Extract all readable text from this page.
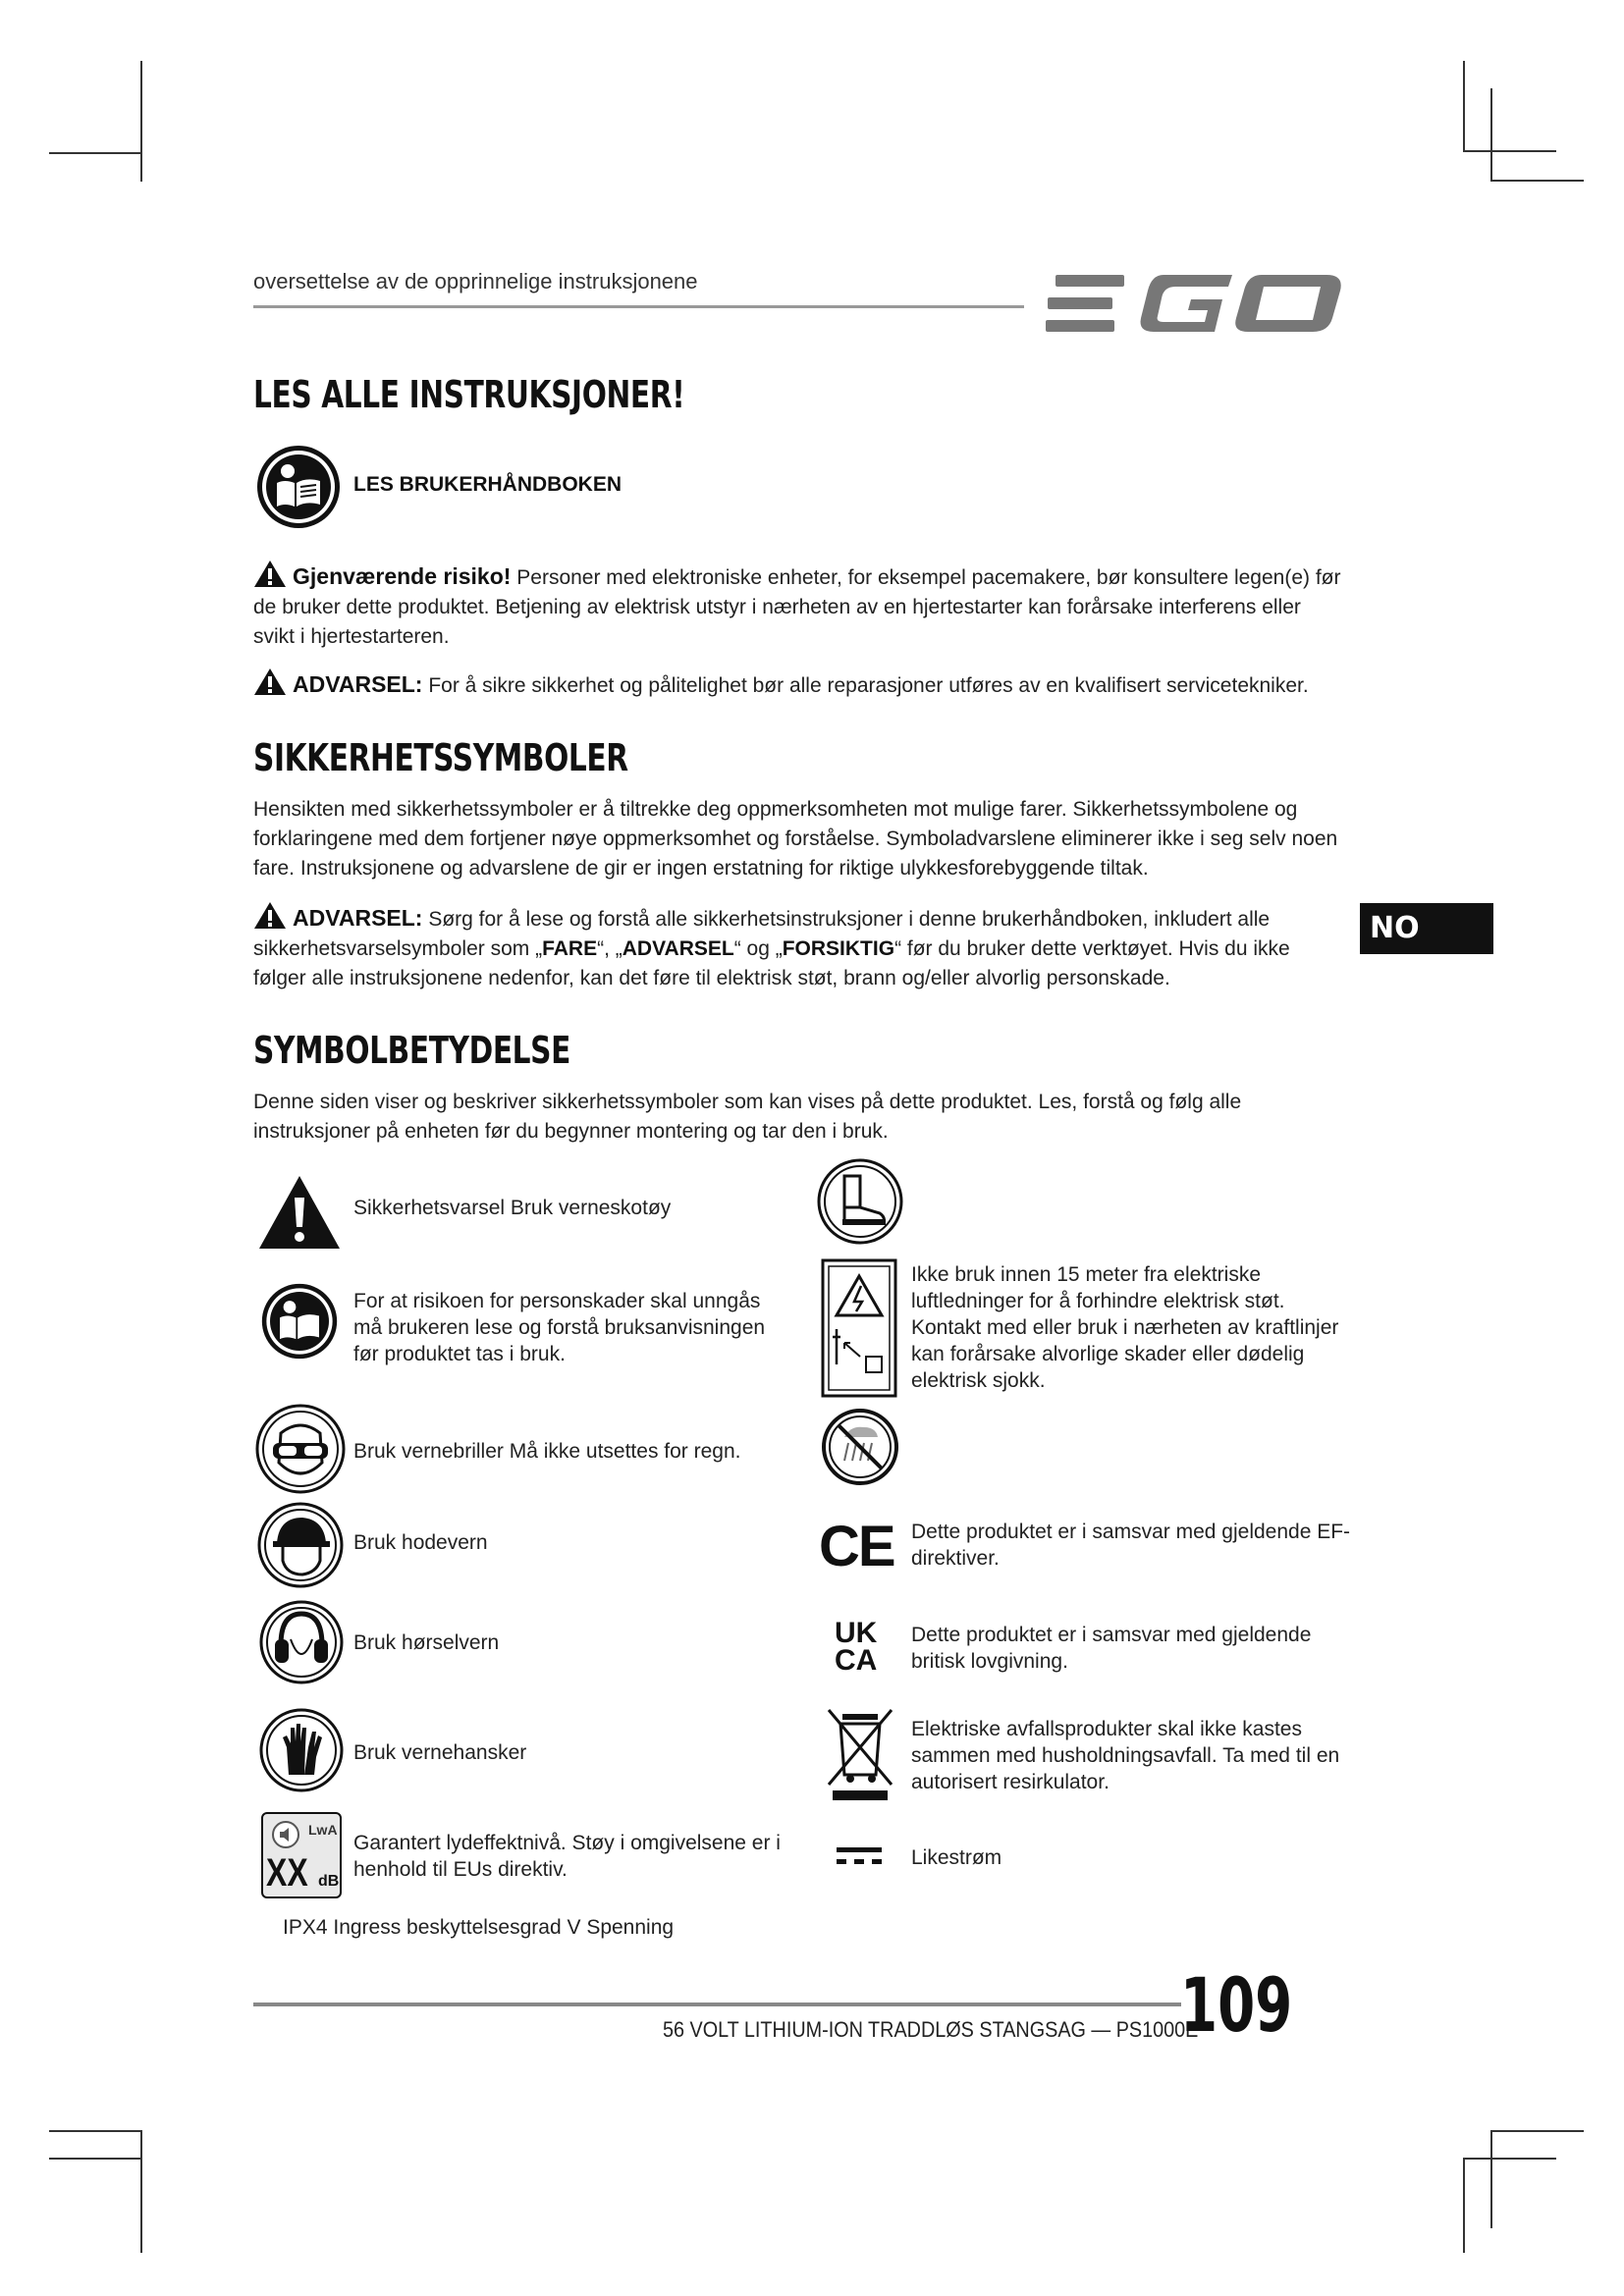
oversettelse av de opprinnelige instruksjonene
LES ALLE INSTRUKSJONER!
LES BRUKERHÅNDBOKEN
Gjenværende risiko! Personer med elektroniske enheter, for eksempel pacemakere, bør konsultere legen(e) før de bruker dette produktet. Betjening av elektrisk utstyr i nærheten av en hjertestarter kan forårsake interferens eller svikt i hjertestarteren.
ADVARSEL: For å sikre sikkerhet og pålitelighet bør alle reparasjoner utføres av en kvalifisert servicetekniker.
SIKKERHETSSYMBOLER
Hensikten med sikkerhetssymboler er å tiltrekke deg oppmerksomheten mot mulige farer. Sikkerhetssymbolene og forklaringene med dem fortjener nøye oppmerksomhet og forståelse. Symboladvarslene eliminerer ikke i seg selv noen fare. Instruksjonene og advarslene de gir er ingen erstatning for riktige ulykkesforebyggende tiltak.
ADVARSEL: Sørg for å lese og forstå alle sikkerhetsinstruksjoner i denne brukerhåndboken, inkludert alle sikkerhetsvarselsymboler som „FARE“, „ADVARSEL“ og „FORSIKTIG“ før du bruker dette verktøyet. Hvis du ikke følger alle instruksjonene nedenfor, kan det føre til elektrisk støt, brann og/eller alvorlig personskade.
NO
SYMBOLBETYDELSE
Denne siden viser og beskriver sikkerhetssymboler som kan vises på dette produktet. Les, forstå og følg alle instruksjoner på enheten før du begynner montering og tar den i bruk.
Sikkerhetsvarsel Bruk verneskotøy
For at risikoen for personskader skal unngås må brukeren lese og forstå bruksanvisningen før produktet tas i bruk.
Bruk vernebriller Må ikke utsettes for regn.
Bruk hodevern
Bruk hørselvern
Bruk vernehansker
LwA
XX dB
Garantert lydeffektnivå. Støy i omgivelsene er i henhold til EUs direktiv.
IPX4 Ingress beskyttelsesgrad V Spenning
Ikke bruk innen 15 meter fra elektriske luftledninger for å forhindre elektrisk støt. Kontakt med eller bruk i nærheten av kraftlinjer kan forårsake alvorlige skader eller dødelig elektrisk sjokk.
CE Dette produktet er i samsvar med gjeldende EF-direktiver.
UK
CA
Dette produktet er i samsvar med gjeldende britisk lovgivning.
Elektriske avfallsprodukter skal ikke kastes sammen med husholdningsavfall. Ta med til en autorisert resirkulator.
Likestrøm
56 VOLT LITHIUM-ION TRADDLØS STANGSAG — PS1000E
109
